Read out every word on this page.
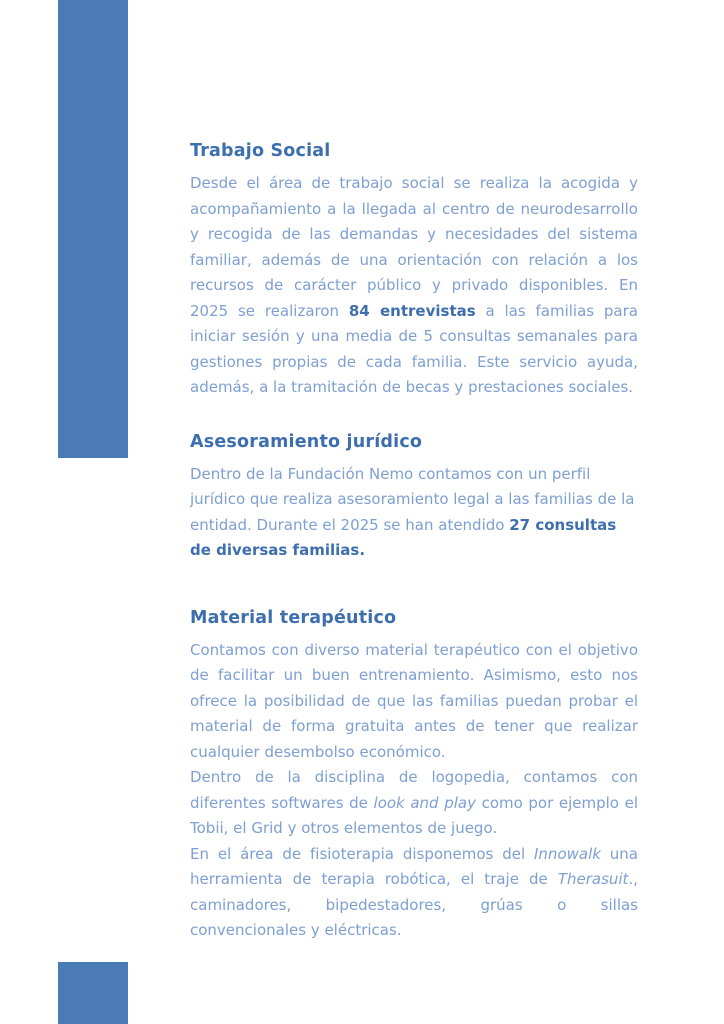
Trabajo Social

Desde el área de trabajo social se realiza la acogida y acompañamiento a la llegada al centro de neurodesarrollo y recogida de las demandas y necesidades del sistema familiar, además de una orientación con relación a los recursos de carácter público y privado disponibles. En 2025 se realizaron 84 entrevistas a las familias para iniciar sesión y una media de 5 consultas semanales para gestiones propias de cada familia. Este servicio ayuda, además, a la tramitación de becas y prestaciones sociales.

Asesoramiento jurídico

Dentro de la Fundación Nemo contamos con un perfil jurídico que realiza asesoramiento legal a las familias de la entidad. Durante el 2025 se han atendido 27 consultas de diversas familias.

Material terapéutico

Contamos con diverso material terapéutico con el objetivo de facilitar un buen entrenamiento. Asimismo, esto nos ofrece la posibilidad de que las familias puedan probar el material de forma gratuita antes de tener que realizar cualquier desembolso económico.

Dentro de la disciplina de logopedia, contamos con diferentes softwares de look and play como por ejemplo el Tobii, el Grid y otros elementos de juego.

En el área de fisioterapia disponemos del Innowalk una herramienta de terapia robótica, el traje de Therasuit., caminadores, bipedestadores, grúas o sillas convencionales y eléctricas.
